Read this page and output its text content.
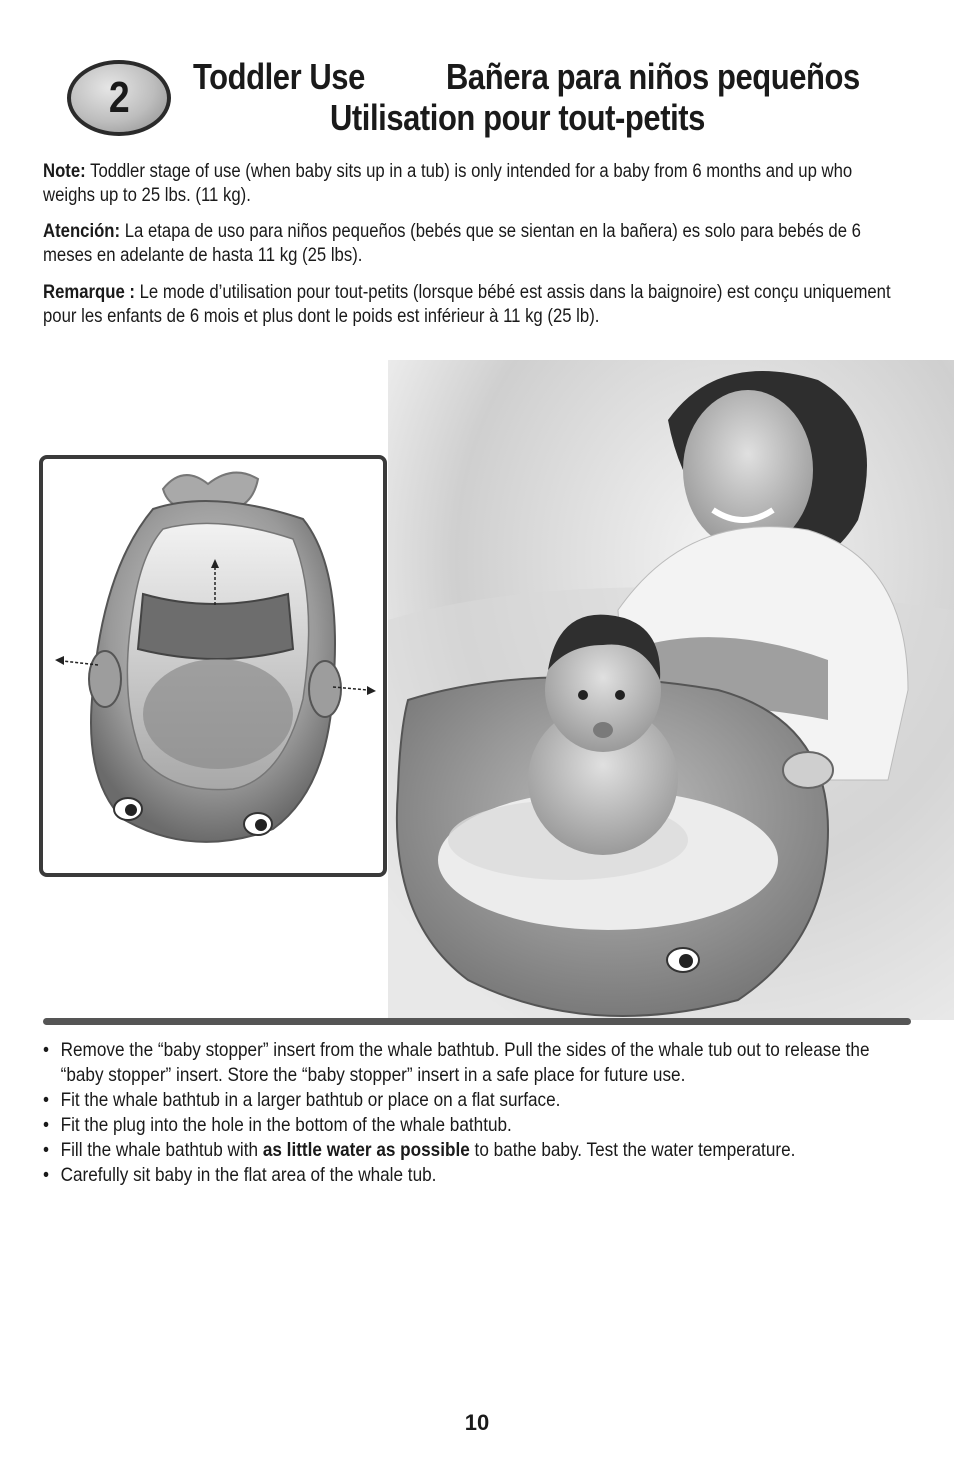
2 Toddler Use Bañera para niños pequeños
Utilisation pour tout-petits

Note: Toddler stage of use (when baby sits up in a tub) is only intended for a baby from 6 months and up who weighs up to 25 lbs. (11 kg).

Atención: La etapa de uso para niños pequeños (bebés que se sientan en la bañera) es solo para bebés de 6 meses en adelante de hasta 11 kg (25 lbs).

Remarque : Le mode d’utilisation pour tout-petits (lorsque bébé est assis dans la baignoire) est conçu uniquement pour les enfants de 6 mois et plus dont le poids est inférieur à 11 kg (25 lb).

• Remove the “baby stopper” insert from the whale bathtub. Pull the sides of the whale tub out to release the “baby stopper” insert. Store the “baby stopper” insert in a safe place for future use.
• Fit the whale bathtub in a larger bathtub or place on a flat surface.
• Fit the plug into the hole in the bottom of the whale bathtub.
• Fill the whale bathtub with as little water as possible to bathe baby. Test the water temperature.
• Carefully sit baby in the flat area of the whale tub.
10
